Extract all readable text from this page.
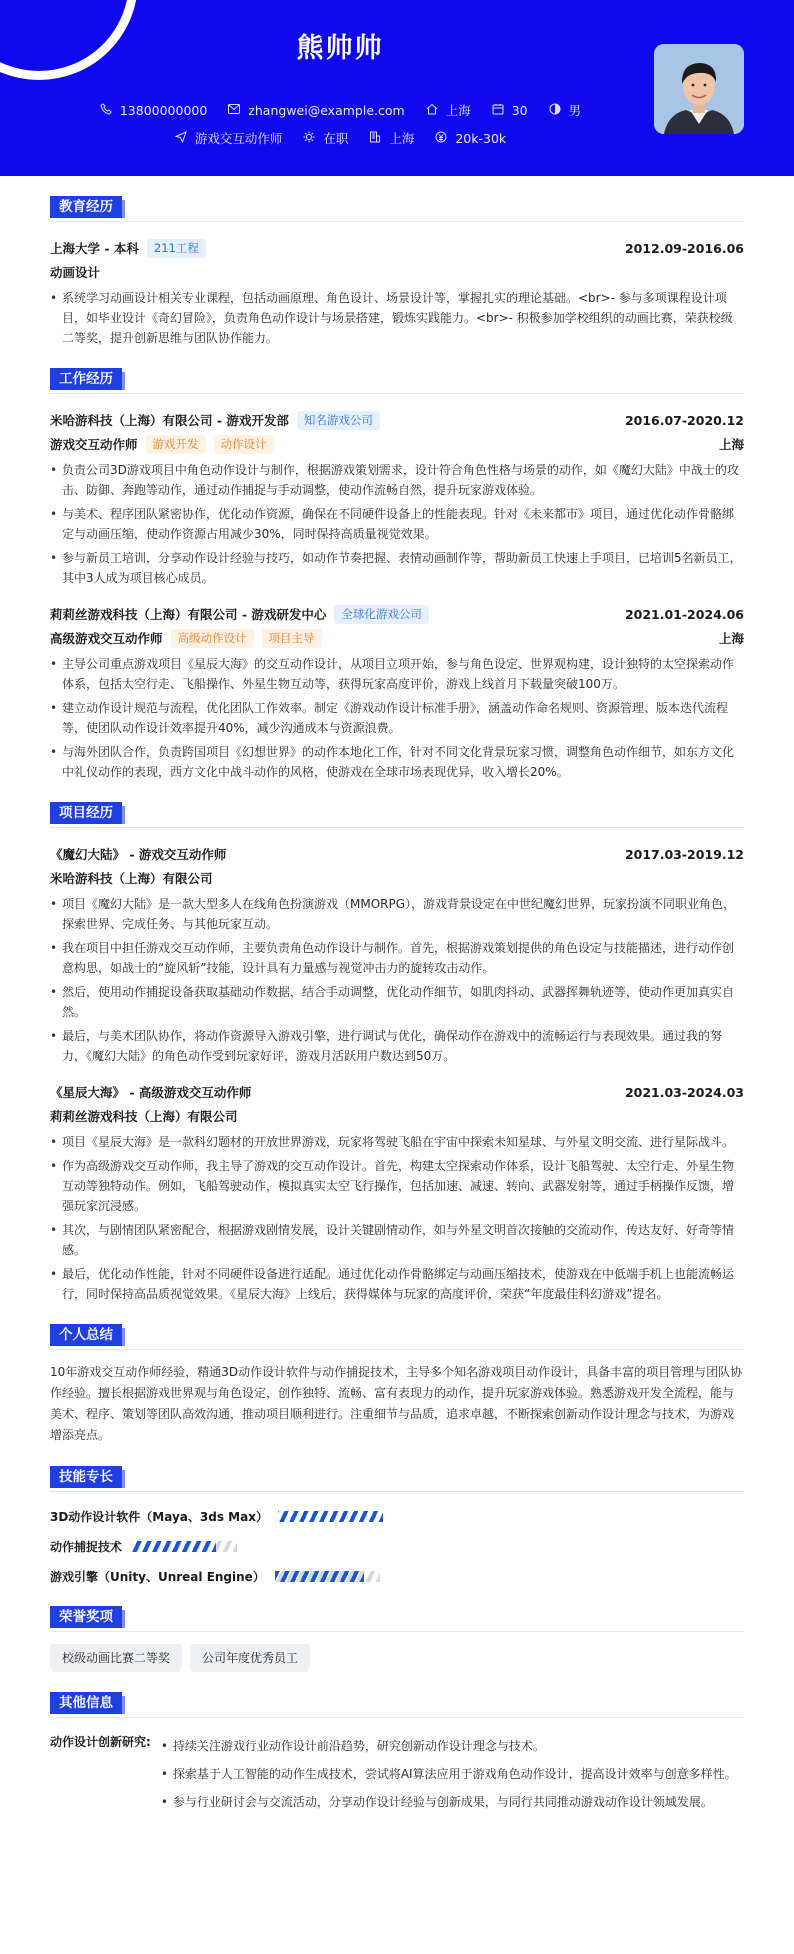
熊帅帅
13800000000	zhangwei@example.com	上海	30	男
游戏交互动作师	在职	上海	20k-30k
教育经历
上海大学 - 本科	211工程	2012.09-2016.06
动画设计
• 系统学习动画设计相关专业课程，包括动画原理、角色设计、场景设计等，掌握扎实的理论基础。<br>- 参与多项课程设计项目，如毕业设计《奇幻冒险》，负责角色动作设计与场景搭建，锻炼实践能力。<br>- 积极参加学校组织的动画比赛，荣获校级二等奖，提升创新思维与团队协作能力。
工作经历
米哈游科技（上海）有限公司 - 游戏开发部	知名游戏公司	2016.07-2020.12
游戏交互动作师	游戏开发	动作设计	上海
• 负责公司3D游戏项目中角色动作设计与制作，根据游戏策划需求，设计符合角色性格与场景的动作，如《魔幻大陆》中战士的攻击、防御、奔跑等动作，通过动作捕捉与手动调整，使动作流畅自然，提升玩家游戏体验。
• 与美术、程序团队紧密协作，优化动作资源，确保在不同硬件设备上的性能表现。针对《未来都市》项目，通过优化动作骨骼绑定与动画压缩，使动作资源占用减少30%，同时保持高质量视觉效果。
• 参与新员工培训，分享动作设计经验与技巧，如动作节奏把握、表情动画制作等，帮助新员工快速上手项目，已培训5名新员工，其中3人成为项目核心成员。
莉莉丝游戏科技（上海）有限公司 - 游戏研发中心	全球化游戏公司	2021.01-2024.06
高级游戏交互动作师	高级动作设计	项目主导	上海
• 主导公司重点游戏项目《星辰大海》的交互动作设计，从项目立项开始，参与角色设定、世界观构建，设计独特的太空探索动作体系，包括太空行走、飞船操作、外星生物互动等，获得玩家高度评价，游戏上线首月下载量突破100万。
• 建立动作设计规范与流程，优化团队工作效率。制定《游戏动作设计标准手册》，涵盖动作命名规则、资源管理、版本迭代流程等，使团队动作设计效率提升40%，减少沟通成本与资源浪费。
• 与海外团队合作，负责跨国项目《幻想世界》的动作本地化工作，针对不同文化背景玩家习惯，调整角色动作细节，如东方文化中礼仪动作的表现，西方文化中战斗动作的风格，使游戏在全球市场表现优异，收入增长20%。
项目经历
《魔幻大陆》 - 游戏交互动作师	2017.03-2019.12
米哈游科技（上海）有限公司
• 项目《魔幻大陆》是一款大型多人在线角色扮演游戏（MMORPG），游戏背景设定在中世纪魔幻世界，玩家扮演不同职业角色，探索世界、完成任务、与其他玩家互动。
• 我在项目中担任游戏交互动作师，主要负责角色动作设计与制作。首先，根据游戏策划提供的角色设定与技能描述，进行动作创意构思，如战士的“旋风斩”技能，设计具有力量感与视觉冲击力的旋转攻击动作。
• 然后，使用动作捕捉设备获取基础动作数据，结合手动调整，优化动作细节，如肌肉抖动、武器挥舞轨迹等，使动作更加真实自然。
• 最后，与美术团队协作，将动作资源导入游戏引擎，进行调试与优化，确保动作在游戏中的流畅运行与表现效果。通过我的努力，《魔幻大陆》的角色动作受到玩家好评，游戏月活跃用户数达到50万。
《星辰大海》 - 高级游戏交互动作师	2021.03-2024.03
莉莉丝游戏科技（上海）有限公司
• 项目《星辰大海》是一款科幻题材的开放世界游戏，玩家将驾驶飞船在宇宙中探索未知星球、与外星文明交流、进行星际战斗。
• 作为高级游戏交互动作师，我主导了游戏的交互动作设计。首先，构建太空探索动作体系，设计飞船驾驶、太空行走、外星生物互动等独特动作。例如，飞船驾驶动作，模拟真实太空飞行操作，包括加速、减速、转向、武器发射等，通过手柄操作反馈，增强玩家沉浸感。
• 其次，与剧情团队紧密配合，根据游戏剧情发展，设计关键剧情动作，如与外星文明首次接触的交流动作，传达友好、好奇等情感。
• 最后，优化动作性能，针对不同硬件设备进行适配。通过优化动作骨骼绑定与动画压缩技术，使游戏在中低端手机上也能流畅运行，同时保持高品质视觉效果。《星辰大海》上线后，获得媒体与玩家的高度评价，荣获“年度最佳科幻游戏”提名。
个人总结

10年游戏交互动作师经验，精通3D动作设计软件与动作捕捉技术，主导多个知名游戏项目动作设计，具备丰富的项目管理与团队协作经验。擅长根据游戏世界观与角色设定，创作独特、流畅、富有表现力的动作，提升玩家游戏体验。熟悉游戏开发全流程，能与美术、程序、策划等团队高效沟通，推动项目顺利进行。注重细节与品质，追求卓越，不断探索创新动作设计理念与技术，为游戏增添亮点。

技能专长
3D动作设计软件（Maya、3ds Max）
动作捕捉技术
游戏引擎（Unity、Unreal Engine）
荣誉奖项
校级动画比赛二等奖	公司年度优秀员工
其他信息
动作设计创新研究:
•	持续关注游戏行业动作设计前沿趋势，研究创新动作设计理念与技术。
• 探索基于人工智能的动作生成技术，尝试将AI算法应用于游戏角色动作设计，提高设计效率与创意多样性。
• 参与行业研讨会与交流活动，分享动作设计经验与创新成果，与同行共同推动游戏动作设计领域发展。
